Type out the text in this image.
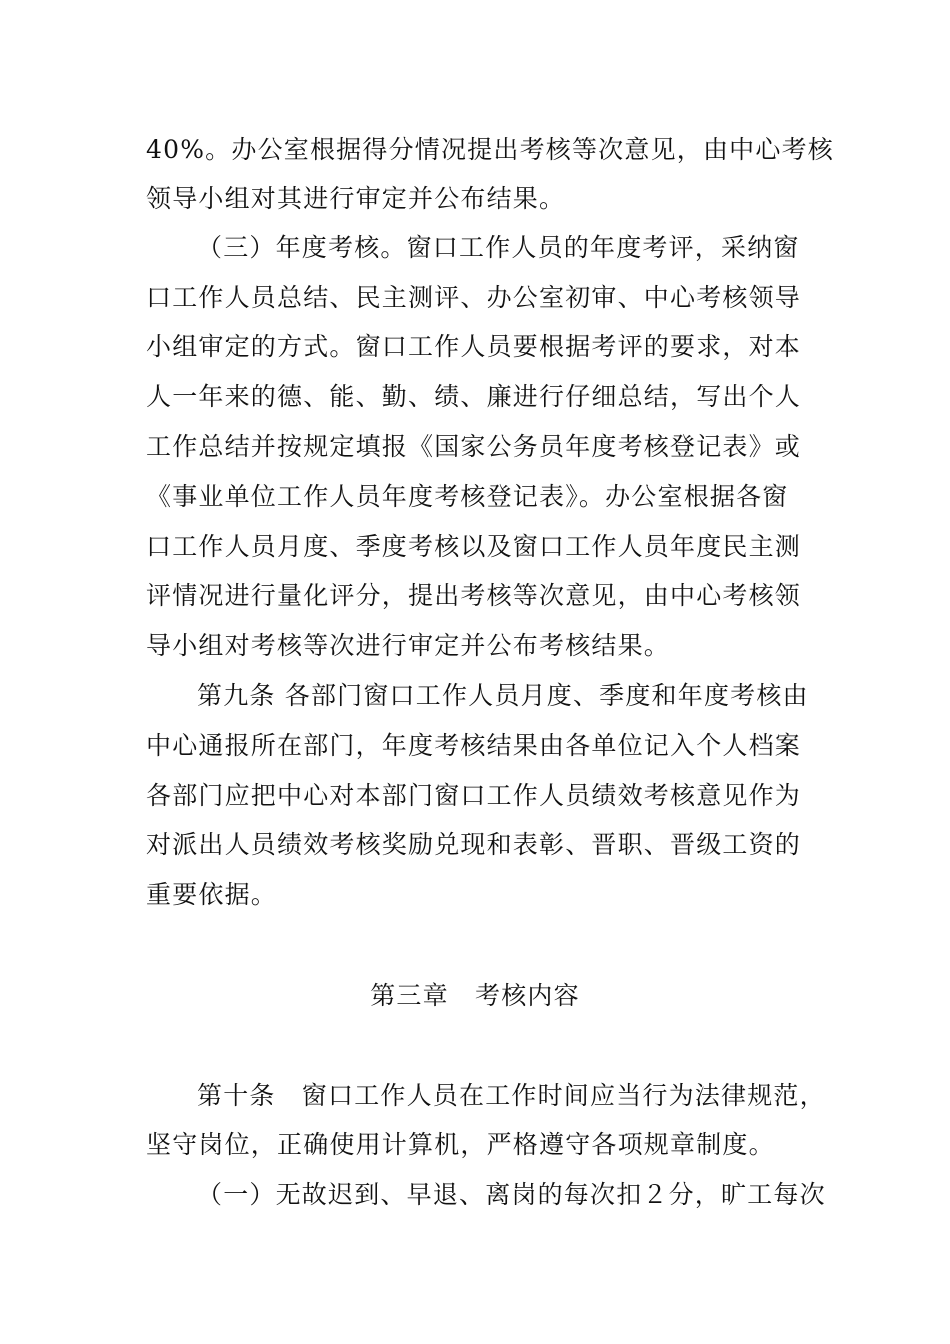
40%。办公室根据得分情况提出考核等次意见，由中心考核
领导小组对其进行审定并公布结果。
（三）年度考核。窗口工作人员的年度考评，采纳窗
口工作人员总结、民主测评、办公室初审、中心考核领导
小组审定的方式。窗口工作人员要根据考评的要求，对本
人一年来的德、能、勤、绩、廉进行仔细总结，写出个人
工作总结并按规定填报《国家公务员年度考核登记表》或
《事业单位工作人员年度考核登记表》。办公室根据各窗
口工作人员月度、季度考核以及窗口工作人员年度民主测
评情况进行量化评分，提出考核等次意见，由中心考核领
导小组对考核等次进行审定并公布考核结果。
第九条 各部门窗口工作人员月度、季度和年度考核由
中心通报所在部门，年度考核结果由各单位记入个人档案
各部门应把中心对本部门窗口工作人员绩效考核意见作为
对派出人员绩效考核奖励兑现和表彰、晋职、晋级工资的
重要依据。
第三章　考核内容
第十条　窗口工作人员在工作时间应当行为法律规范，
坚守岗位，正确使用计算机，严格遵守各项规章制度。
（一）无故迟到、早退、离岗的每次扣２分，旷工每次
